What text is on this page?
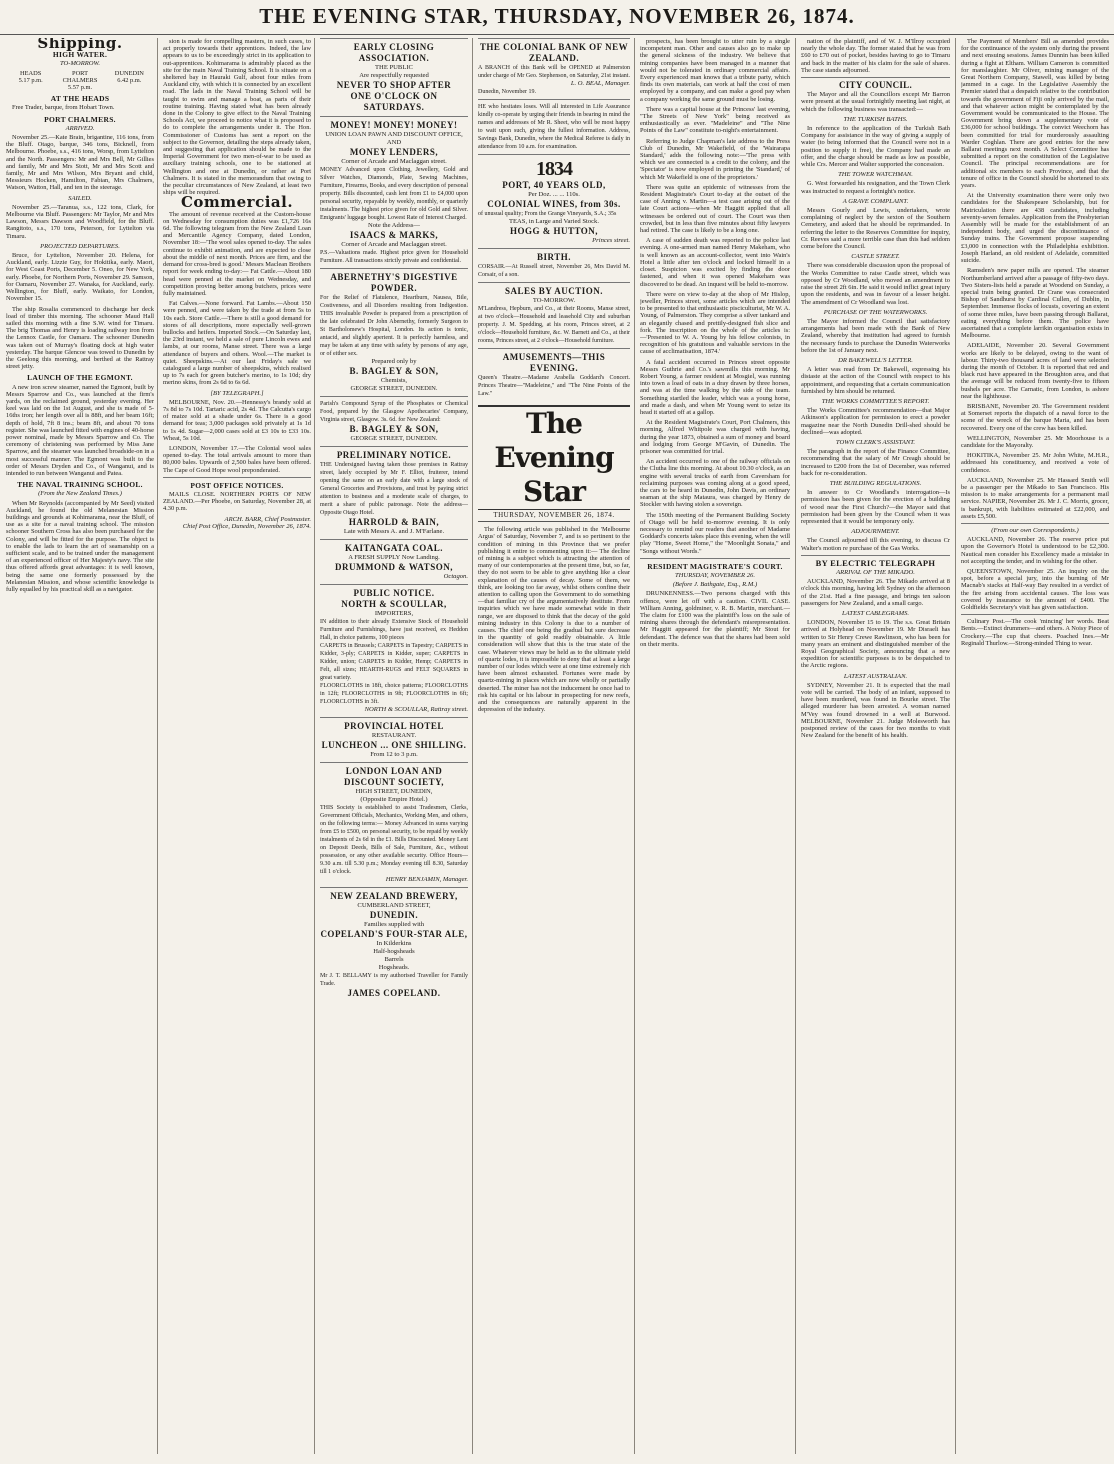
THE EVENING STAR, THURSDAY, NOVEMBER 26, 1874.
Shipping.
HIGH WATER.
TO-MORROW.
HEADS
5.17 p.m.
PORT CHALMERS
5.57 p.m.
DUNEDIN
6.42 p.m.
AT THE HEADS

Free Trader, barque, from Hobart Town.

PORT CHALMERS.
ARRIVED.

November 25.—Kate Brain, brigantine, 116 tons, from the Bluff. Otago, barque, 346 tons, Bicknell, from Melbourne. Phoebe, s.s., 416 tons, Worsp, from Lyttelton and the North. Passengers: Mr and Mrs Bell, Mr Gillies and family, Mr and Mrs Stott, Mr and Mrs Scott and family, Mr and Mrs Wilson, Mrs Bryant and child, Messieurs Hocken, Hamilton, Fabian, Mrs Chalmers, Watson, Watton, Hall, and ten in the steerage.

SAILED.

November 25.—Taranua, s.s., 122 tons, Clark, for Melbourne via Bluff. Passengers: Mr Taylor, Mr and Mrs Lawson, Messrs Dawson and Woodfield, for the Bluff. Rangitoto, s.s., 170 tons, Peterson, for Lyttelton via Timaru.

PROJECTED DEPARTURES.

Bruce, for Lyttelton, November 20. Helena, for Auckland, early. Lizzie Guy, for Hokitika, early. Maori, for West Coast Ports, December 5. Oneo, for New York, early. Phoebe, for Northern Ports, November 29. Samson, for Oamaru, November 27. Wanaka, for Auckland, early. Wellington, for Bluff, early. Waikato, for London, November 15.

The ship Rosalia commenced to discharge her deck load of timber this morning. The schooner Maud Hall sailed this morning with a fine S.W. wind for Timaru. The brig Thomas and Henry is loading railway iron from the Lennox Castle, for Oamaru. The schooner Dunedin was taken out of Murray's floating dock at high water yesterday. The barque Glencoe was towed to Dunedin by the Geelong this morning, and berthed at the Rattray street jetty.

LAUNCH OF THE EGMONT.

A new iron screw steamer, named the Egmont, built by Messrs Sparrow and Co., was launched at the firm's yards, on the reclaimed ground, yesterday evening. Her keel was laid on the 1st August, and she is made of 5-16ths iron; her length over all is 88ft, and her beam 16ft; depth of hold, 7ft 8 ins.; beam 8ft, and about 70 tons register. She was launched fitted with engines of 40-horse power nominal, made by Messrs Sparrow and Co. The ceremony of christening was performed by Miss Jane Sparrow, and the steamer was launched broadside-on in a most successful manner. The Egmont was built to the order of Messrs Dryden and Co., of Wanganui, and is intended to run between Wanganui and Patea.

THE NAVAL TRAINING SCHOOL.
(From the New Zealand Times.)

When Mr Reynolds (accompanied by Mr Seed) visited Auckland, he found the old Melanesian Mission buildings and grounds at Kohimarama, near the Bluff, of use as a site for a naval training school. The mission schooner Southern Cross has also been purchased for the Colony, and will be fitted for the purpose. The object is to enable the lads to learn the art of seamanship on a sufficient scale, and to be trained under the management of an experienced officer of Her Majesty's navy. The site thus offered affords great advantages: it is well known, being the same one formerly possessed by the Melanesian Mission, and whose scientific knowledge is fully equalled by his practical skill as a navigator.

sion is made for compelling masters, in such cases, to act properly towards their apprentices. Indeed, the law appears to us to be exceedingly strict in its application to out-apprentices. Kohimarama is admirably placed as the site for the main Naval Training School. It is situate on a sheltered bay in Hauraki Gulf, about four miles from Auckland city, with which it is connected by an excellent road. The lads in the Naval Training School will be taught to swim and manage a boat, as parts of their routine training. Having stated what has been already done in the Colony to give effect to the Naval Training Schools Act, we proceed to notice what it is proposed to do to complete the arrangements under it. The Hon. Commissioner of Customs has sent a report on the subject to the Governor, detailing the steps already taken, and suggesting that application should be made to the Imperial Government for two men-of-war to be used as auxiliary training schools, one to be stationed at Wellington and one at Dunedin, or rather at Port Chalmers. It is stated in the memorandum that owing to the peculiar circumstances of New Zealand, at least two ships will be required.

Commercial.

The amount of revenue received at the Custom-house on Wednesday for consumption duties was £1,726 16s 6d. The following telegram from the New Zealand Loan and Mercantile Agency Company, dated London, November 18:—'The wool sales opened to-day. The sales continue to exhibit animation, and are expected to close about the middle of next month. Prices are firm, and the demand for cross-bred is good.' Messrs Maclean Brothers report for week ending to-day:— Fat Cattle.—About 180 head were penned at the market on Wednesday, and competition proving better among butchers, prices were fully maintained.

Fat Calves.—None forward. Fat Lambs.—About 150 were penned, and were taken by the trade at from 5s to 10s each. Store Cattle.—There is still a good demand for stores of all descriptions, more especially well-grown bullocks and heifers. Imported Stock.—On Saturday last, the 23rd instant, we held a sale of pure Lincoln ewes and lambs, at our rooms, Manse street. There was a large attendance of buyers and others. Wool.—The market is quiet. Sheepskins.—At our last Friday's sale we catalogued a large number of sheepskins, which realised up to 7s each for green butcher's merino, to 1s 10d; dry merino skins, from 2s 6d to 6s 6d.

[BY TELEGRAPH.]

MELBOURNE, Nov. 20.—Hennessy's brandy sold at 7s 8d to 7s 10d. Tartaric acid, 2s 4d. The Calcutta's cargo of maize sold at a shade under 6s. There is a good demand for teas; 3,000 packages sold privately at 1s 1d to 1s 4d. Sugar—2,000 cases sold at £3 10s to £33 10s. Wheat, 5s 10d.

LONDON, November 17.—The Colonial wool sales opened to-day. The total arrivals amount to more than 80,000 bales. Upwards of 2,500 bales have been offered. The Cape of Good Hope wool preponderated.

POST OFFICE NOTICES.

MAILS CLOSE. NORTHERN PORTS OF NEW ZEALAND.—Per Phoebe, on Saturday, November 28, at 4.30 p.m.

ARCH. BARR, Chief Postmaster.
Chief Post Office, Dunedin, November 26, 1874.
EARLY CLOSING ASSOCIATION.
THE PUBLIC
Are respectfully requested
NEVER TO SHOP AFTER
ONE O'CLOCK ON SATURDAYS.
MONEY! MONEY! MONEY!
UNION LOAN PAWN AND DISCOUNT OFFICE,
AND
MONEY LENDERS,
Corner of Arcade and Maclaggan street.
MONEY Advanced upon Clothing, Jewellery, Gold and Silver Watches, Diamonds, Plate, Sewing Machines, Furniture, Firearms, Books, and every description of personal property. Bills discounted, cash lent from £1 to £4,000 upon personal security, repayable by weekly, monthly, or quarterly instalments. The highest price given for old Gold and Silver. Emigrants' luggage bought. Lowest Rate of Interest Charged.
Note the Address—
ISAACS & MARKS,
Corner of Arcade and Maclaggan street.
P.S.—Valuations made. Highest price given for Household Furniture. All transactions strictly private and confidential.
ABERNETHY'S DIGESTIVE POWDER.
For the Relief of Flatulence, Heartburn, Nausea, Bile, Costiveness, and all Disorders resulting from Indigestion. THIS invaluable Powder is prepared from a prescription of the late celebrated Dr John Abernethy, formerly Surgeon to St Bartholomew's Hospital, London. Its action is tonic, antacid, and slightly aperient. It is perfectly harmless, and may be taken at any time with safety by persons of any age, or of either sex.
Prepared only by
B. BAGLEY & SON,
Chemists,
GEORGE STREET, DUNEDIN.
Parish's Compound Syrup of the Phosphates or Chemical Food, prepared by the Glasgow Apothecaries' Company, Virginia street, Glasgow. 3s. 6d. for New Zealand:
B. BAGLEY & SON,
GEORGE STREET, DUNEDIN.
PRELIMINARY NOTICE.
THE Undersigned having taken those premises in Rattray street, lately occupied by Mr F. Elliot, fruiterer, intend opening the same on an early date with a large stock of General Groceries and Provisions, and trust by paying strict attention to business and a moderate scale of charges, to merit a share of public patronage. Note the address—Opposite Otago Hotel.
HARROLD & BAIN,
Late with Messrs A. and J. M'Farlane.
KAITANGATA COAL.
A FRESH SUPPLY Now Landing.
DRUMMOND & WATSON,
Octagon.
PUBLIC NOTICE.
NORTH & SCOULLAR,
IMPORTERS,
IN addition to their already Extensive Stock of Household Furniture and Furnishings, have just received, ex Heddon Hall, in choice patterns, 100 pieces
CARPETS in Brussels; CARPETS in Tapestry; CARPETS in Kidder, 3-ply; CARPETS in Kidder, super; CARPETS in Kidder, union; CARPETS in Kidder, Hemp; CARPETS in Felt, all sizes; HEARTH-RUGS and FELT SQUARES in great variety.
FLOORCLOTHS in 18ft, choice patterns; FLOORCLOTHS in 12ft; FLOORCLOTHS in 9ft; FLOORCLOTHS in 6ft; FLOORCLOTHS in 3ft.
NORTH & SCOULLAR, Rattray street.
PROVINCIAL HOTEL
RESTAURANT.
LUNCHEON ... ONE SHILLING.
From 12 to 3 p.m.
LONDON LOAN AND DISCOUNT SOCIETY,
HIGH STREET, DUNEDIN,
(Opposite Empire Hotel.)
THIS Society is established to assist Tradesmen, Clerks, Government Officials, Mechanics, Working Men, and others, on the following terms:— Money Advanced in sums varying from £5 to £500, on personal security, to be repaid by weekly instalments of 2s 6d in the £1. Bills Discounted. Money Lent on Deposit Deeds, Bills of Sale, Furniture, &c., without possession, or any other available security. Office Hours—9.30 a.m. till 5.30 p.m.; Monday evening till 8.30, Saturday till 1 o'clock.
HENRY BENJAMIN, Manager.
NEW ZEALAND BREWERY,
CUMBERLAND STREET,
DUNEDIN.
Families supplied with
COPELAND'S FOUR-STAR ALE,
In Kilderkins
Half-hogsheads
Barrels
Hogsheads.
Mr J. T. BELLAMY is my authorised Traveller for Family Trade.
JAMES COPELAND.
THE COLONIAL BANK OF NEW ZEALAND.
A BRANCH of this Bank will be OPENED at Palmerston under charge of Mr Geo. Stephenson, on Saturday, 21st instant.
L. O. BEAL, Manager.
Dunedin, November 19.
HE who hesitates loses. Will all interested in Life Assurance kindly co-operate by urging their friends in bearing in mind the names and addresses of Mr R. Sheet, who will be most happy to wait upon such, giving the fullest information. Address, Savings Bank, Dunedin, where the Medical Referee is daily in attendance from 10 a.m. for examination.
1834
PORT, 40 YEARS OLD,
Per Doz. ... ... 110s.
COLONIAL WINES, from 30s.
of unusual quality; From the Grange Vineyards, S.A.; 35s
TEAS, in Large and Varied Stock.
HOGG & HUTTON,
Princes street.
BIRTH.
CORSAIR.—At Russell street, November 26, Mrs David M. Corsair, of a son.
SALES BY AUCTION.
TO-MORROW.
M'Landress, Hepburn, and Co., at their Rooms, Manse street, at two o'clock—Household and leasehold City and suburban property. J. M. Spedding, at his room, Princes street, at 2 o'clock—Household furniture, &c. W. Barnett and Co., at their rooms, Princes street, at 2 o'clock—Household furniture.
AMUSEMENTS—THIS EVENING.
Queen's Theatre.—Madame Arabella Goddard's Concert. Princes Theatre—"Madeleine," and "The Nine Points of the Law."
The Evening Star
THURSDAY, NOVEMBER 26, 1874.

The following article was published in the 'Melbourne Argus' of Saturday, November 7, and is so pertinent to the condition of mining in this Province that we prefer publishing it entire to commenting upon it:— The decline of mining is a subject which is attracting the attention of many of our contemporaries at the present time, but, so far, they do not seem to be able to give anything like a clear explanation of the causes of decay. Some of them, we think, are looking too far away, whilst others confine their attention to calling upon the Government to do something—that familiar cry of the argumentatively destitute. From inquiries which we have made somewhat wide in their range, we are disposed to think that the decay of the gold mining industry in this Colony is due to a number of causes. The chief one being the gradual but sure decrease in the quantity of gold readily obtainable. A little consideration will show that this is the true state of the case. Whatever views may be held as to the ultimate yield of quartz lodes, it is impossible to deny that at least a large number of our lodes which were at one time extremely rich have been almost exhausted. Fortunes were made by quartz-mining in places which are now wholly or partially deserted. The miner has not the inducement he once had to risk his capital or his labour in prospecting for new reefs, and the consequences are naturally apparent in the depression of the industry.

prospects, has been brought to utter ruin by a single incompetent man. Other and causes also go to make up the general sickness of the industry. We believe that mining companies have been managed in a manner that would not be tolerated in ordinary commercial affairs. Every experienced man knows that a tribute party, which finds its own materials, can work at half the cost of men employed by a company, and can make a good pay when a company working the same ground must be losing.

There was a capital house at the Princess' last evening, "The Streets of New York" being received as enthusiastically as ever. "Madeleine" and "The Nine Points of the Law" constitute to-night's entertainment.

Referring to Judge Chapman's late address to the Press Club of Dunedin, Mr Wakefield, of the 'Wairarapa Standard,' adds the following note:—'The press with which we are connected is a credit to the colony, and the 'Spectator' is now employed in printing the 'Standard,' of which Mr Wakefield is one of the proprietors.'

There was quite an epidemic of witnesses from the Resident Magistrate's Court to-day at the outset of the case of Anning v. Martin—a test case arising out of the late Court actions—when Mr Haggitt applied that all witnesses be ordered out of court. The Court was then crowded, but in less than five minutes about fifty lawyers had retired. The case is likely to be a long one.

A case of sudden death was reported to the police last evening. A one-armed man named Henry Makeham, who is well known as an account-collector, went into Wain's Hotel a little after ten o'clock and locked himself in a closet. Suspicion was excited by finding the door fastened, and when it was opened Makeham was discovered to be dead. An inquest will be held to-morrow.

There were on view to-day at the shop of Mr Hislop, jeweller, Princes street, some articles which are intended to be presented to that enthusiastic pisciculturist, Mr W. A. Young, of Palmerston. They comprise a silver tankard and an elegantly chased and prettily-designed fish slice and fork. The inscription on the whole of the articles is:—'Presented to W. A. Young by his fellow colonists, in recognition of his gratuitous and valuable services in the cause of acclimatisation, 1874.'

A fatal accident occurred in Princes street opposite Messrs Guthrie and Co.'s sawmills this morning. Mr Robert Young, a farmer resident at Mosgiel, was running into town a load of oats in a dray drawn by three horses, and was at the time walking by the side of the team. Something startled the leader, which was a young horse, and made a dash, and when Mr Young went to seize its head it started off at a gallop.

At the Resident Magistrate's Court, Port Chalmers, this morning, Alfred Whitpole was charged with having, during the year 1873, obtained a sum of money and board and lodging from George M'Gavin, of Dunedin. The prisoner was committed for trial.

An accident occurred to one of the railway officials on the Clutha line this morning. At about 10.30 o'clock, as an engine with several trucks of earth from Caversham for reclaiming purposes was coming along at a good speed, the cars to be heard in Dunedin, John Davis, an ordinary seaman at the ship Mataura, was charged by Henry de Stockler with having stolen a sovereign.

The 150th meeting of the Permanent Building Society of Otago will be held to-morrow evening. It is only necessary to remind our readers that another of Madame Goddard's concerts takes place this evening, when the will play "Home, Sweet Home," the "Moonlight Sonata," and "Songs without Words."

RESIDENT MAGISTRATE'S COURT.
THURSDAY, NOVEMBER 26.
(Before J. Bathgate, Esq., R.M.)

DRUNKENNESS.—Two persons charged with this offence, were let off with a caution. CIVIL CASE. William Anning, goldminer, v. R. B. Martin, merchant.—The claim for £100 was the plaintiff's loss on the sale of mining shares through the defendant's misrepresentation. Mr Haggitt appeared for the plaintiff; Mr Stout for defendant. The defence was that the shares had been sold on their merits.

nation of the plaintiff, and of W. J. M'Ilroy occupied nearly the whole day. The former stated that he was from £60 to £70 out of pocket, besides having to go to Timaru and back in the matter of his claim for the sale of shares. The case stands adjourned.

CITY COUNCIL.

The Mayor and all the Councillors except Mr Barron were present at the usual fortnightly meeting last night, at which the following business was transacted:—

THE TURKISH BATHS.

In reference to the application of the Turkish Bath Company for assistance in the way of giving a supply of water (to being informed that the Council were not in a position to supply it free), the Company had made an offer, and the charge should be made as low as possible, while Crs. Mercer and Walter supported the concession.

THE TOWER WATCHMAN.

G. West forwarded his resignation, and the Town Clerk was instructed to request a fortnight's notice.

A GRAVE COMPLAINT.

Messrs Gourly and Lewis, undertakers, wrote complaining of neglect by the sexton of the Southern Cemetery, and asked that he should be reprimanded. In referring the letter to the Reserves Committee for inquiry, Cr. Reeves said a more terrible case than this had seldom come before the Council.

CASTLE STREET.

There was considerable discussion upon the proposal of the Works Committee to raise Castle street, which was opposed by Cr Woodland, who moved an amendment to raise the street 2ft 6in. He said it would inflict great injury upon the residents, and was in favour of a lesser height. The amendment of Cr Woodland was lost.

PURCHASE OF THE WATERWORKS.

The Mayor informed the Council that satisfactory arrangements had been made with the Bank of New Zealand, whereby that institution had agreed to furnish the necessary funds to purchase the Dunedin Waterworks before the 1st of January next.

DR BAKEWELL'S LETTER.

A letter was read from Dr Bakewell, expressing his distaste at the action of the Council with respect to his appointment, and requesting that a certain communication furnished by him should be returned.

THE WORKS COMMITTEE'S REPORT.

The Works Committee's recommendation—that Major Atkinson's application for permission to erect a powder magazine near the North Dunedin Drill-shed should be declined—was adopted.

TOWN CLERK'S ASSISTANT.

The paragraph in the report of the Finance Committee, recommending that the salary of Mr Creagh should be increased to £200 from the 1st of December, was referred back for re-consideration.

THE BUILDING REGULATIONS.

In answer to Cr Woodland's interrogation—Is permission has been given for the erection of a building of wood near the First Church?—the Mayor said that permission had been given by the Council when it was represented that it would be temporary only.

ADJOURNMENT.

The Council adjourned till this evening, to discuss Cr Walter's motion re purchase of the Gas Works.

BY ELECTRIC TELEGRAPH
ARRIVAL OF THE MIKADO.

AUCKLAND, November 26. The Mikado arrived at 8 o'clock this morning, having left Sydney on the afternoon of the 21st. Had a fine passage, and brings ten saloon passengers for New Zealand, and a small cargo.

LATEST CABLEGRAMS.

LONDON, November 15 to 19. The s.s. Great Britain arrived at Holyhead on November 19. Mr Disraeli has written to Sir Henry Crewe Rawlinson, who has been for many years an eminent and distinguished member of the Royal Geographical Society, announcing that a new expedition for scientific purposes is to be despatched to the Arctic regions.

LATEST AUSTRALIAN.

SYDNEY, November 21. It is expected that the mail vote will be carried. The body of an infant, supposed to have been murdered, was found in Bourke street. The alleged murderer has been arrested. A woman named M'Vey was found drowned in a well at Burwood. MELBOURNE, November 21. Judge Molesworth has postponed review of the cases for two months to visit New Zealand for the benefit of his health.

The Payment of Members' Bill as amended provides for the continuance of the system only during the present and next ensuing sessions. James Dunnin has been killed during a fight at Eltham. William Cameron is committed for manslaughter. Mr Oliver, mining manager of the Great Northern Company, Stawell, was killed by being jammed in a cage. In the Legislative Assembly the Premier stated that a despatch relative to the contribution towards the government of Fiji only arrived by the mail, and that whatever action might be contemplated by the Government would be communicated to the House. The Government bring down a supplementary vote of £36,000 for school buildings. The convict Weechorn has been committed for trial for murderously assaulting Warder Coghlan. There are good entries for the new Ballarat meetings next month. A Select Committee has submitted a report on the constitution of the Legislative Council. The principal recommendations are for additional six members to each Province, and that the tenure of office in the Council should be shortened to six years.

At the University examination there were only two candidates for the Shakespeare Scholarship, but for Matriculation there are 438 candidates, including seventy-seven females. Application from the Presbyterian Assembly will be made for the establishment of an independent body, and urged the discontinuance of Sunday trains. The Government propose suspending £3,000 in connection with the Philadelphia exhibition. Joseph Harland, an old resident of Adelaide, committed suicide.

Ramsden's new paper mills are opened. The steamer Northumberland arrived after a passage of fifty-two days. Two Sisters-lists held a parade at Woodend on Sunday, a special train being granted. Dr Crane was consecrated Bishop of Sandhurst by Cardinal Cullen, of Dublin, in September. Immense flocks of locusts, covering an extent of some three miles, have been passing through Ballarat, eating everything before them. The police have ascertained that a complete larrikin organisation exists in Melbourne.

ADELAIDE, November 20. Several Government works are likely to be delayed, owing to the want of labour. Thirty-two thousand acres of land were selected during the month of October. It is reported that red and black rust have appeared in the Broughton area, and that the average will be reduced from twenty-five to fifteen bushels per acre. The Carnatic, from London, is ashore near the lighthouse.

BRISBANE, November 20. The Government resident at Somerset reports the dispatch of a naval force to the scene of the wreck of the barque Maria, and has been recovered. Every one of the crew has been killed.

WELLINGTON, November 25. Mr Moorhouse is a candidate for the Mayoralty.

HOKITIKA, November 25. Mr John White, M.H.R., addressed his constituency, and received a vote of confidence.

AUCKLAND, November 25. Mr Hassard Smith will be a passenger per the Mikado to San Francisco. His mission is to make arrangements for a permanent mail service. NAPIER, November 26. Mr J. C. Morris, grocer, is bankrupt, with liabilities estimated at £22,000, and assets £5,500.

(From our own Correspondents.)

AUCKLAND, November 26. The reserve price put upon the Governor's Hotel is understood to be £2,300. Nautical men consider his Excellency made a mistake in not accepting the tender, and in wishing for the other.

QUEENSTOWN, November 25. An inquiry on the spot, before a special jury, into the burning of Mr Macnab's stacks at Half-way Bay resulted in a verdict of the fire arising from accidental causes. The loss was covered by insurance to the amount of £400. The Goldfields Secretary's visit has given satisfaction.

Culinary Post.—The cook 'mincing' her words. Beat Bents.—Extinct drummers—and others. A Noisy Piece of Crockery.—The cup that cheers. Poached Ines.—Mr Reginald Thurlow.—Strong-minded Thing to wear.
